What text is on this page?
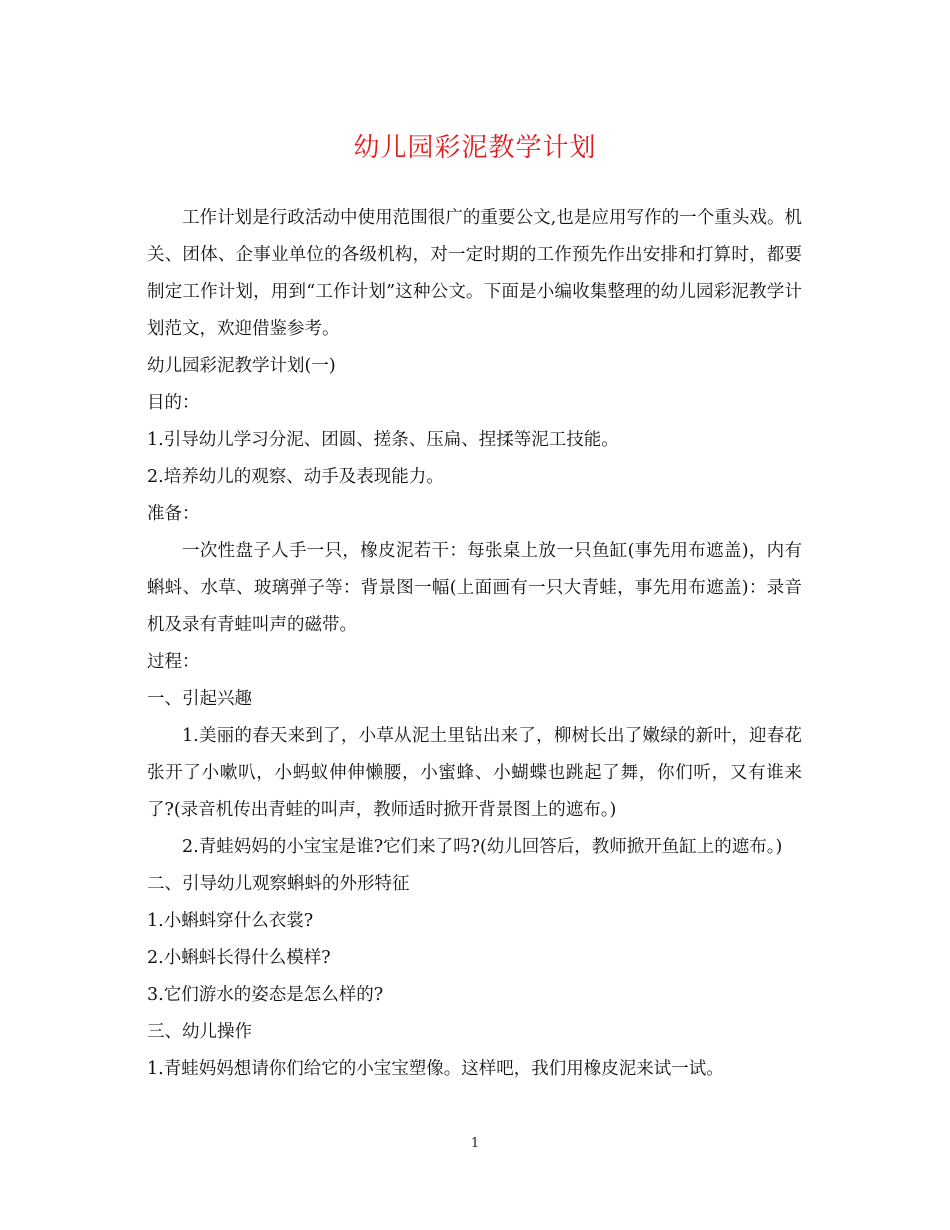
幼儿园彩泥教学计划

工作计划是行政活动中使用范围很广的重要公文,也是应用写作的一个重头戏。机关、团体、企事业单位的各级机构，对一定时期的工作预先作出安排和打算时，都要制定工作计划，用到“工作计划”这种公文。下面是小编收集整理的幼儿园彩泥教学计划范文，欢迎借鉴参考。

幼儿园彩泥教学计划(一)

目的：

1.引导幼儿学习分泥、团圆、搓条、压扁、捏揉等泥工技能。

2.培养幼儿的观察、动手及表现能力。

准备：

一次性盘子人手一只，橡皮泥若干：每张桌上放一只鱼缸(事先用布遮盖)，内有蝌蚪、水草、玻璃弹子等：背景图一幅(上面画有一只大青蛙，事先用布遮盖)：录音机及录有青蛙叫声的磁带。

过程：

一、引起兴趣

1.美丽的春天来到了，小草从泥土里钻出来了，柳树长出了嫩绿的新叶，迎春花张开了小嗽叭，小蚂蚁伸伸懒腰，小蜜蜂、小蝴蝶也跳起了舞，你们听，又有谁来了?(录音机传出青蛙的叫声，教师适时掀开背景图上的遮布。)

2.青蛙妈妈的小宝宝是谁?它们来了吗?(幼儿回答后，教师掀开鱼缸上的遮布。)

二、引导幼儿观察蝌蚪的外形特征

1.小蝌蚪穿什么衣裳?

2.小蝌蚪长得什么模样?

3.它们游水的姿态是怎么样的?

三、幼儿操作

1.青蛙妈妈想请你们给它的小宝宝塑像。这样吧，我们用橡皮泥来试一试。

1
